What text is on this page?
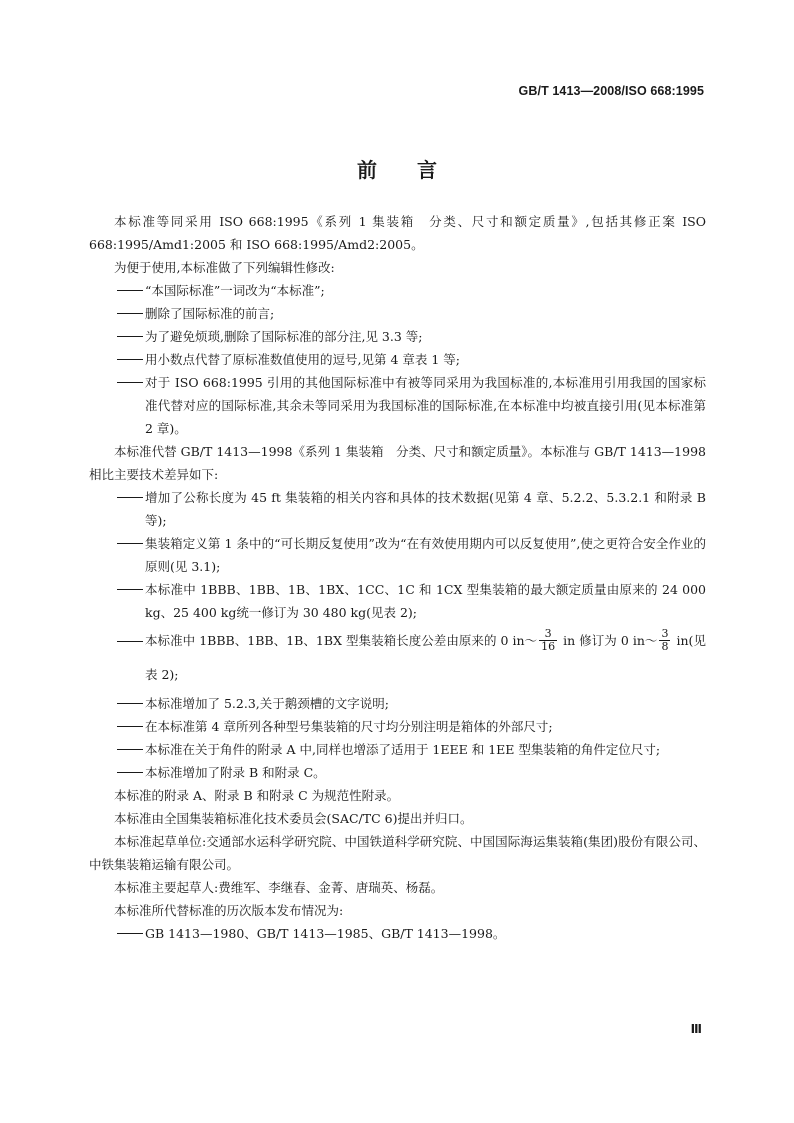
GB/T 1413—2008/ISO 668:1995
前言

本标准等同采用 ISO 668:1995《系列 1 集装箱　分类、尺寸和额定质量》,包括其修正案 ISO 668:1995/Amd1:2005 和 ISO 668:1995/Amd2:2005。

为便于使用,本标准做了下列编辑性修改:

“本国际标准”一词改为“本标准”;

删除了国际标准的前言;

为了避免烦琐,删除了国际标准的部分注,见 3.3 等;

用小数点代替了原标准数值使用的逗号,见第 4 章表 1 等;

对于 ISO 668:1995 引用的其他国际标准中有被等同采用为我国标准的,本标准用引用我国的国家标准代替对应的国际标准,其余未等同采用为我国标准的国际标准,在本标准中均被直接引用(见本标准第 2 章)。

本标准代替 GB/T 1413—1998《系列 1 集装箱　分类、尺寸和额定质量》。本标准与 GB/T 1413—1998 相比主要技术差异如下:

增加了公称长度为 45 ft 集装箱的相关内容和具体的技术数据(见第 4 章、5.2.2、5.3.2.1 和附录 B 等);

集装箱定义第 1 条中的“可长期反复使用”改为“在有效使用期内可以反复使用”,使之更符合安全作业的原则(见 3.1);

本标准中 1BBB、1BB、1B、1BX、1CC、1C 和 1CX 型集装箱的最大额定质量由原来的 24 000 kg、25 400 kg统一修订为 30 480 kg(见表 2);

本标准中 1BBB、1BB、1B、1BX 型集装箱长度公差由原来的 0 in～ $\frac{3}{16}$ in 修订为 0 in～ $\frac{3}{8} in$(见表 2);

本标准增加了 5.2.3,关于鹅颈槽的文字说明;

在本标准第 4 章所列各种型号集装箱的尺寸均分别注明是箱体的外部尺寸;

本标准在关于角件的附录 A 中,同样也增添了适用于 1EEE 和 1EE 型集装箱的角件定位尺寸;

本标准增加了附录 B 和附录 C。

本标准的附录 A、附录 B 和附录 C 为规范性附录。

本标准由全国集装箱标准化技术委员会(SAC/TC 6)提出并归口。

本标准起草单位:交通部水运科学研究院、中国铁道科学研究院、中国国际海运集装箱(集团)股份有限公司、中铁集装箱运输有限公司。

本标准主要起草人:费维军、李继春、金菁、唐瑞英、杨磊。

本标准所代替标准的历次版本发布情况为:

GB 1413—1980、GB/T 1413—1985、GB/T 1413—1998。

Ⅲ
